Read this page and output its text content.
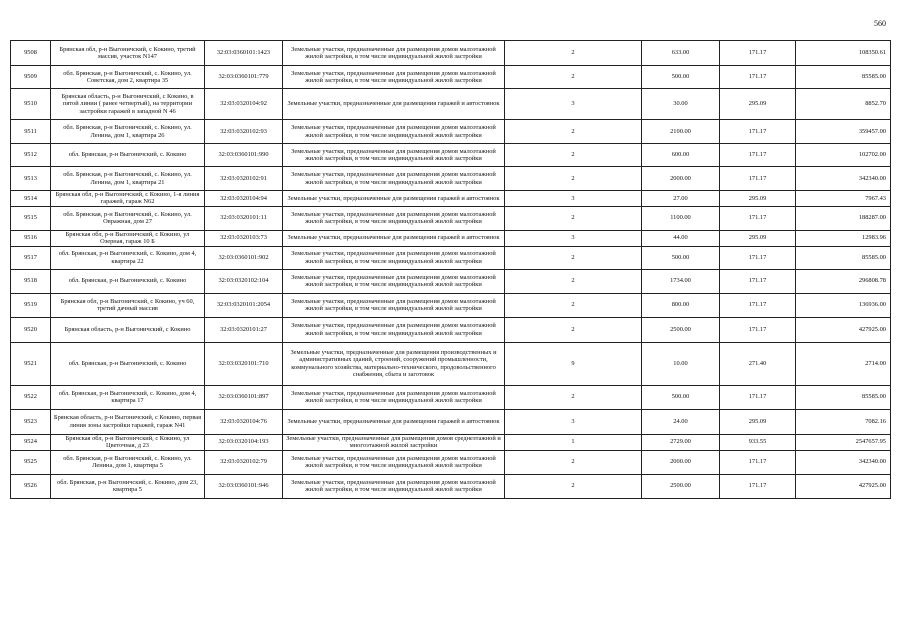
560
9508	Брянская обл, р-н Выгоничский, с Кокино, третий массив, участок N147	32:03:0360101:1423	Земельные участки, предназначенные для размещения домов малоэтажной жилой застройки, в том числе индивидуальной жилой застройки	2	633.00	171.17	108350.61
9509	обл. Брянская, р-н Выгоничский, с. Кокино, ул. Советская, дом 2, квартира 35	32:03:0360101:779	Земельные участки, предназначенные для размещения домов малоэтажной жилой застройки, в том числе индивидуальной жилой застройки	2	500.00	171.17	85585.00
9510	Брянская область, р-н Выгоничский, с Кокино, в пятой линии ( ранее четвертый), на территории застройки гаражей в западной N 46	32:03:0320104:92	Земельные участки, предназначенные для размещения гаражей и автостоянок	3	30.00	295.09	8852.70
9511	обл. Брянская, р-н Выгоничский, с. Кокино, ул. Ленина, дом 1, квартира 26	32:03:0320102:93	Земельные участки, предназначенные для размещения домов малоэтажной жилой застройки, в том числе индивидуальной жилой застройки	2	2100.00	171.17	359457.00
9512	обл. Брянская, р-н Выгоничский, с. Кокино	32:03:0360101:990	Земельные участки, предназначенные для размещения домов малоэтажной жилой застройки, в том числе индивидуальной жилой застройки	2	600.00	171.17	102702.00
9513	обл. Брянская, р-н Выгоничский, с. Кокино, ул. Ленина, дом 1, квартира 21	32:03:0320102:91	Земельные участки, предназначенные для размещения домов малоэтажной жилой застройки, в том числе индивидуальной жилой застройки	2	2000.00	171.17	342340.00
9514	Брянская обл, р-н Выгоничский, с Кокино, 1-я линия гаражей, гараж N62	32:03:0320104:94	Земельные участки, предназначенные для размещения гаражей и автостоянок	3	27.00	295.09	7967.43
9515	обл. Брянская, р-н Выгоничский, с. Кокино, ул. Овражная, дом 27	32:03:0320101:11	Земельные участки, предназначенные для размещения домов малоэтажной жилой застройки, в том числе индивидуальной жилой застройки	2	1100.00	171.17	188287.00
9516	Брянская обл, р-н Выгоничский, с Кокино, ул Озерная, гараж 10 Б	32:03:0320103:73	Земельные участки, предназначенные для размещения гаражей и автостоянок	3	44.00	295.09	12983.96
9517	обл. Брянская, р-н Выгоничский, с. Кокино, дом 4, квартира 22	32:03:0360101:902	Земельные участки, предназначенные для размещения домов малоэтажной жилой застройки, в том числе индивидуальной жилой застройки	2	500.00	171.17	85585.00
9518	обл. Брянская, р-н Выгоничский, с. Кокино	32:03:0320102:104	Земельные участки, предназначенные для размещения домов малоэтажной жилой застройки, в том числе индивидуальной жилой застройки	2	1734.00	171.17	296808.78
9519	Брянская обл, р-н Выгоничский, с Кокино, уч 60, третий дачный массив	32:03:0320101:2054	Земельные участки, предназначенные для размещения домов малоэтажной жилой застройки, в том числе индивидуальной жилой застройки	2	800.00	171.17	136936.00
9520	Брянская область, р-н Выгоничский, с Кокино	32:03:0320101:27	Земельные участки, предназначенные для размещения домов малоэтажной жилой застройки, в том числе индивидуальной жилой застройки	2	2500.00	171.17	427925.00
9521	обл. Брянская, р-н Выгоничский, с. Кокино	32:03:0320101:710	Земельные участки, предназначенные для размещения производственных и административных зданий, строений, сооружений промышленности, коммунального хозяйства, материально-технического, продовольственного снабжения, сбыта и заготовок	9	10.00	271.40	2714.00
9522	обл. Брянская, р-н Выгоничский, с. Кокино, дом 4, квартира 17	32:03:0360101:897	Земельные участки, предназначенные для размещения домов малоэтажной жилой застройки, в том числе индивидуальной жилой застройки	2	500.00	171.17	85585.00
9523	Брянская область, р-н Выгоничский, с Кокино, первая линия зоны застройки гаражей, гараж N41	32:03:0320104:76	Земельные участки, предназначенные для размещения гаражей и автостоянок	3	24.00	295.09	7082.16
9524	Брянская обл, р-н Выгоничский, с Кокино, ул Цветочная, д 23	32:03:0320104:193	Земельные участки, предназначенные для размещения домов среднеэтажной и многоэтажной жилой застройки	1	2729.00	933.55	2547657.95
9525	обл. Брянская, р-н Выгоничский, с. Кокино, ул. Ленина, дом 1, квартира 5	32:03:0320102:79	Земельные участки, предназначенные для размещения домов малоэтажной жилой застройки, в том числе индивидуальной жилой застройки	2	2000.00	171.17	342340.00
9526	обл. Брянская, р-н Выгоничский, с. Кокино, дом 23, квартира 5	32:03:0360101:946	Земельные участки, предназначенные для размещения домов малоэтажной жилой застройки, в том числе индивидуальной жилой застройки	2	2500.00	171.17	427925.00
